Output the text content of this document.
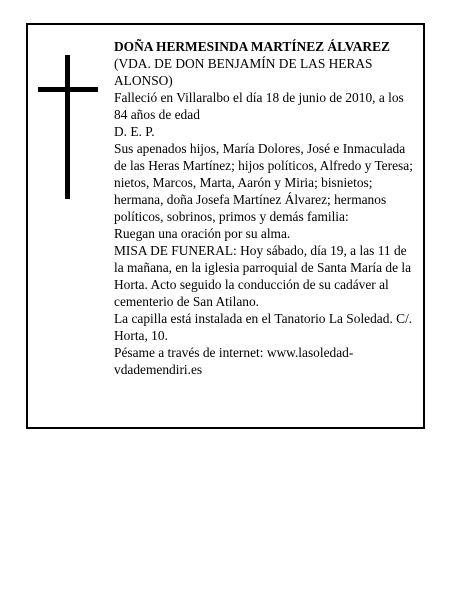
DOÑA HERMESINDA MARTÍNEZ ÁLVAREZ

(VDA. DE DON BENJAMÍN DE LAS HERAS ALONSO)

Falleció en Villaralbo el día 18 de junio de 2010, a los 84 años de edad

D. E. P.

Sus apenados hijos, María Dolores, José e Inmaculada de las Heras Martínez; hijos políticos, Alfredo y Teresa; nietos, Marcos, Marta, Aarón y Miria; bisnietos; hermana, doña Josefa Martínez Álvarez; hermanos políticos, sobrinos, primos y demás familia:

Ruegan una oración por su alma.

MISA DE FUNERAL: Hoy sábado, día 19, a las 11 de la mañana, en la iglesia parroquial de Santa María de la Horta. Acto seguido la conducción de su cadáver al cementerio de San Atilano.

La capilla está instalada en el Tanatorio La Soledad. C/. Horta, 10.

Pésame a través de internet: www.lasoledad-vdademendiri.es
